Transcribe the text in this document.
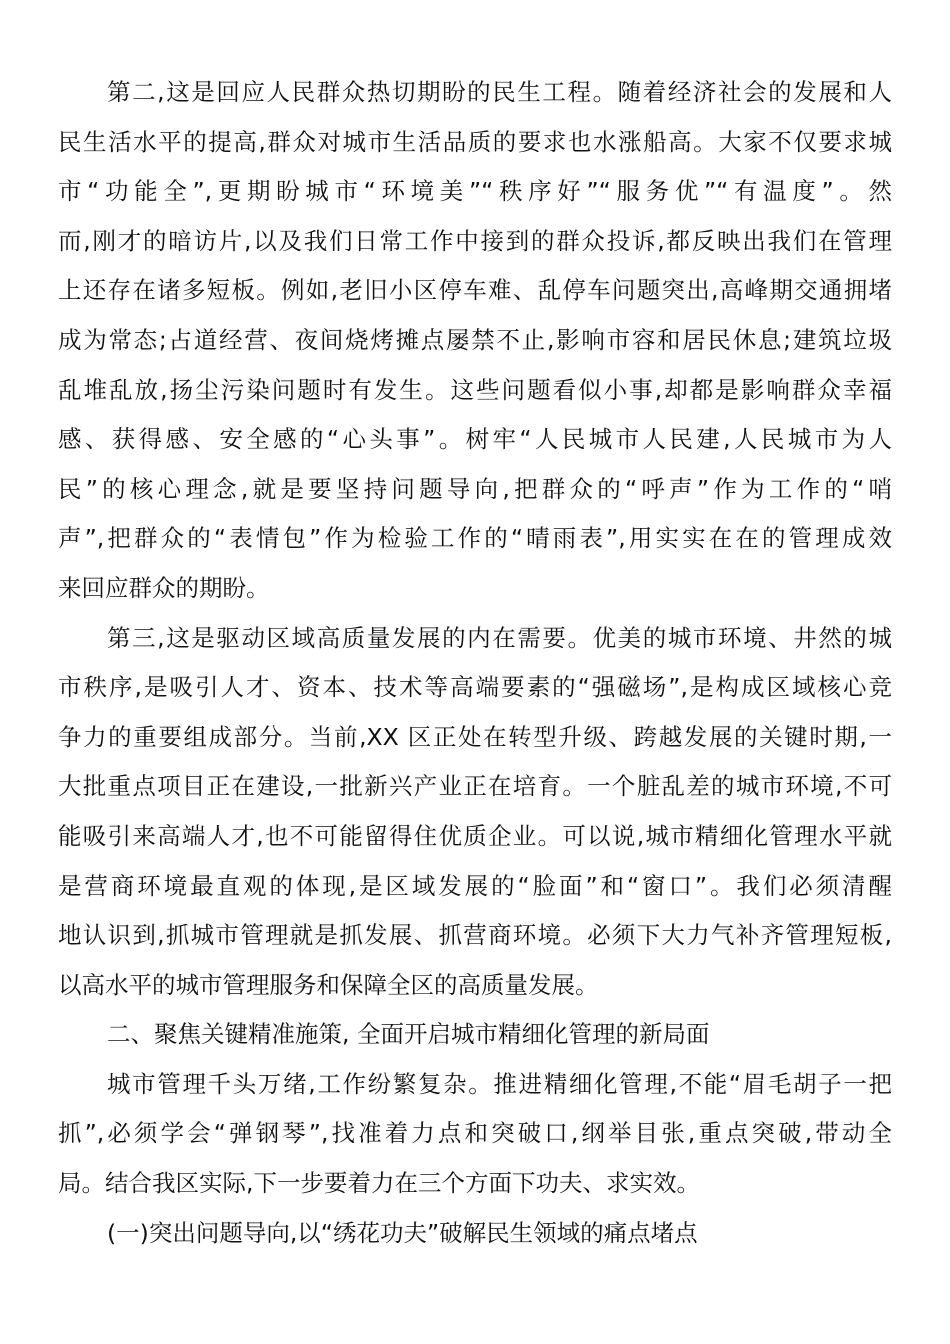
第二,这是回应人民群众热切期盼的民生工程。随着经济社会的发展和人
民生活水平的提高,群众对城市生活品质的要求也水涨船高。大家不仅要求城
市“功能全”,更期盼城市“环境美”“秩序好”“服务优”“有温度”。然
而,刚才的暗访片,以及我们日常工作中接到的群众投诉,都反映出我们在管理
上还存在诸多短板。例如,老旧小区停车难、乱停车问题突出,高峰期交通拥堵
成为常态;占道经营、夜间烧烤摊点屡禁不止,影响市容和居民休息;建筑垃圾
乱堆乱放,扬尘污染问题时有发生。这些问题看似小事,却都是影响群众幸福
感、获得感、安全感的“心头事”。树牢“人民城市人民建,人民城市为人
民”的核心理念,就是要坚持问题导向,把群众的“呼声”作为工作的“哨
声”,把群众的“表情包”作为检验工作的“晴雨表”,用实实在在的管理成效
来回应群众的期盼。
第三,这是驱动区域高质量发展的内在需要。优美的城市环境、井然的城
市秩序,是吸引人才、资本、技术等高端要素的“强磁场”,是构成区域核心竞
争力的重要组成部分。当前,XX 区正处在转型升级、跨越发展的关键时期,一
大批重点项目正在建设,一批新兴产业正在培育。一个脏乱差的城市环境,不可
能吸引来高端人才,也不可能留得住优质企业。可以说,城市精细化管理水平就
是营商环境最直观的体现,是区域发展的“脸面”和“窗口”。我们必须清醒
地认识到,抓城市管理就是抓发展、抓营商环境。必须下大力气补齐管理短板,
以高水平的城市管理服务和保障全区的高质量发展。
二、聚焦关键精准施策, 全面开启城市精细化管理的新局面
城市管理千头万绪,工作纷繁复杂。推进精细化管理,不能“眉毛胡子一把
抓”,必须学会“弹钢琴”,找准着力点和突破口,纲举目张,重点突破,带动全
局。结合我区实际,下一步要着力在三个方面下功夫、求实效。
(一)突出问题导向,以“绣花功夫”破解民生领域的痛点堵点
